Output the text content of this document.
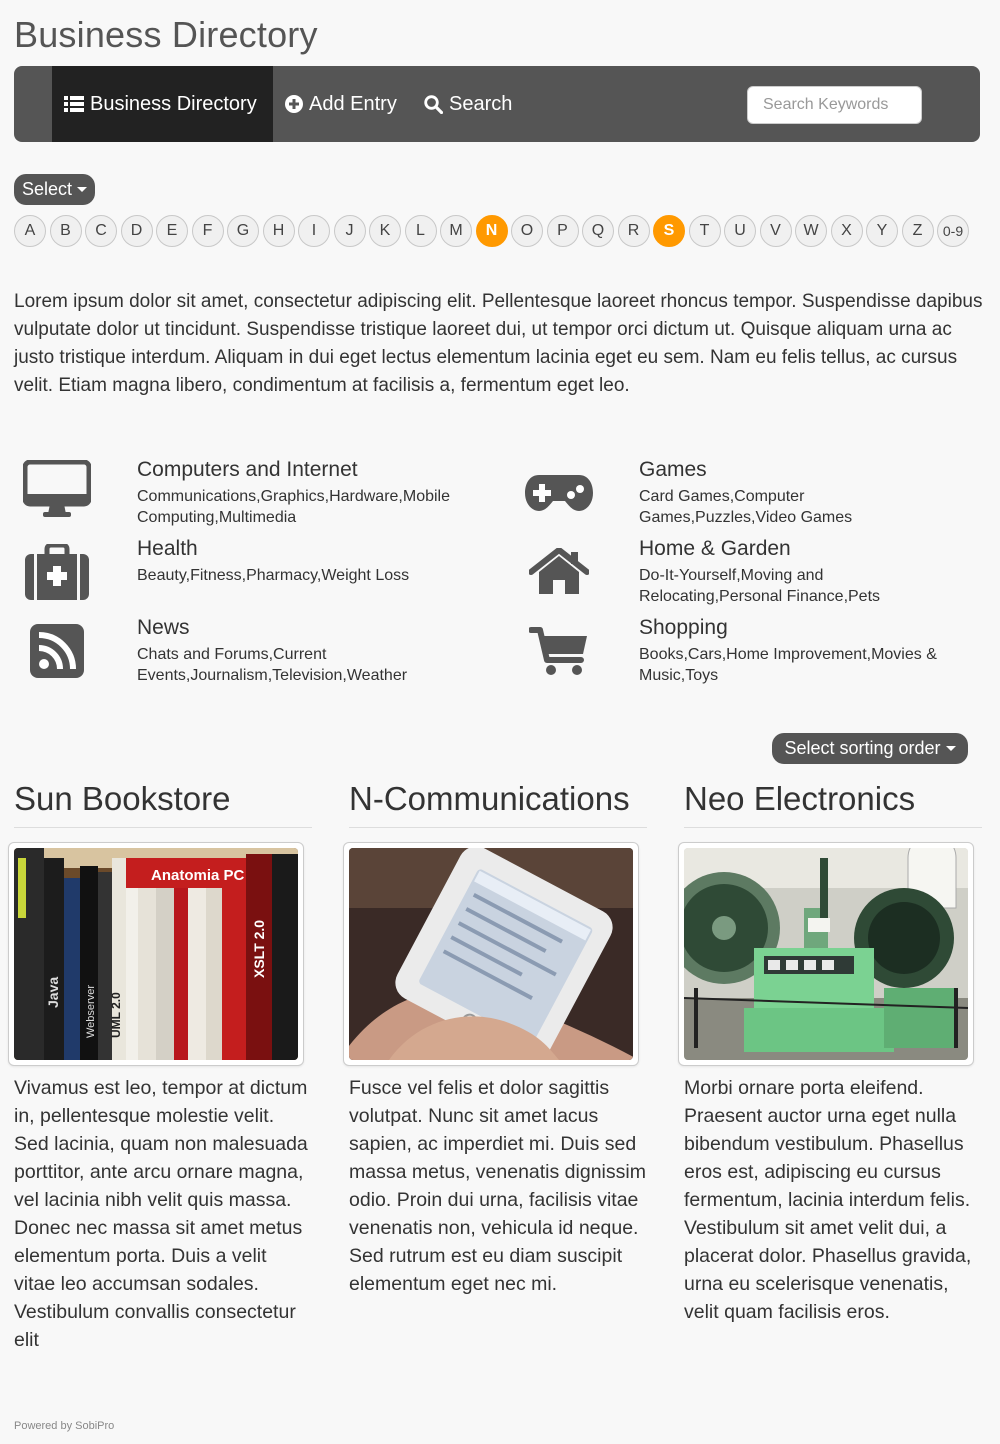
Business Directory
Business Directory	Add Entry	Search
Search Keywords
Select
A	B	C	D	E	F	G	H	I	J	K	L	M	N	O	P	Q	R	S	T	U	V	W	X	Y	Z	0-9

Lorem ipsum dolor sit amet, consectetur adipiscing elit. Pellentesque laoreet rhoncus tempor. Suspendisse dapibus vulputate dolor ut tincidunt. Suspendisse tristique laoreet dui, ut tempor orci dictum ut. Quisque aliquam urna ac justo tristique interdum. Aliquam in dui eget lectus elementum lacinia eget eu sem. Nam eu felis tellus, ac cursus velit. Etiam magna libero, condimentum at facilisis a, fermentum eget leo.

Computers and Internet
Communications,Graphics,Hardware,Mobile Computing,Multimedia
Games
Card Games,Computer Games,Puzzles,Video Games
Health
Beauty,Fitness,Pharmacy,Weight Loss
Home & Garden
Do-It-Yourself,Moving and Relocating,Personal Finance,Pets
News
Chats and Forums,Current Events,Journalism,Television,Weather
Shopping
Books,Cars,Home Improvement,Movies & Music,Toys
Select sorting order
Sun Bookstore
Anatomia PC
Java Webserver UML 2.0
XSLT 2.0

Vivamus est leo, tempor at dictum in, pellentesque molestie velit. Sed lacinia, quam non malesuada porttitor, ante arcu ornare magna, vel lacinia nibh velit quis massa. Donec nec massa sit amet metus elementum porta. Duis a velit vitae leo accumsan sodales. Vestibulum convallis consectetur elit

N-Communications

Fusce vel felis et dolor sagittis volutpat. Nunc sit amet lacus sapien, ac imperdiet mi. Duis sed massa metus, venenatis dignissim odio. Proin dui urna, facilisis vitae venenatis non, vehicula id neque. Sed rutrum est eu diam suscipit elementum eget nec mi.

Neo Electronics

Morbi ornare porta eleifend. Praesent auctor urna eget nulla bibendum vestibulum. Phasellus eros est, adipiscing eu cursus fermentum, lacinia interdum felis. Vestibulum sit amet velit dui, a placerat dolor. Phasellus gravida, urna eu scelerisque venenatis, velit quam facilisis eros.

Powered by SobiPro
